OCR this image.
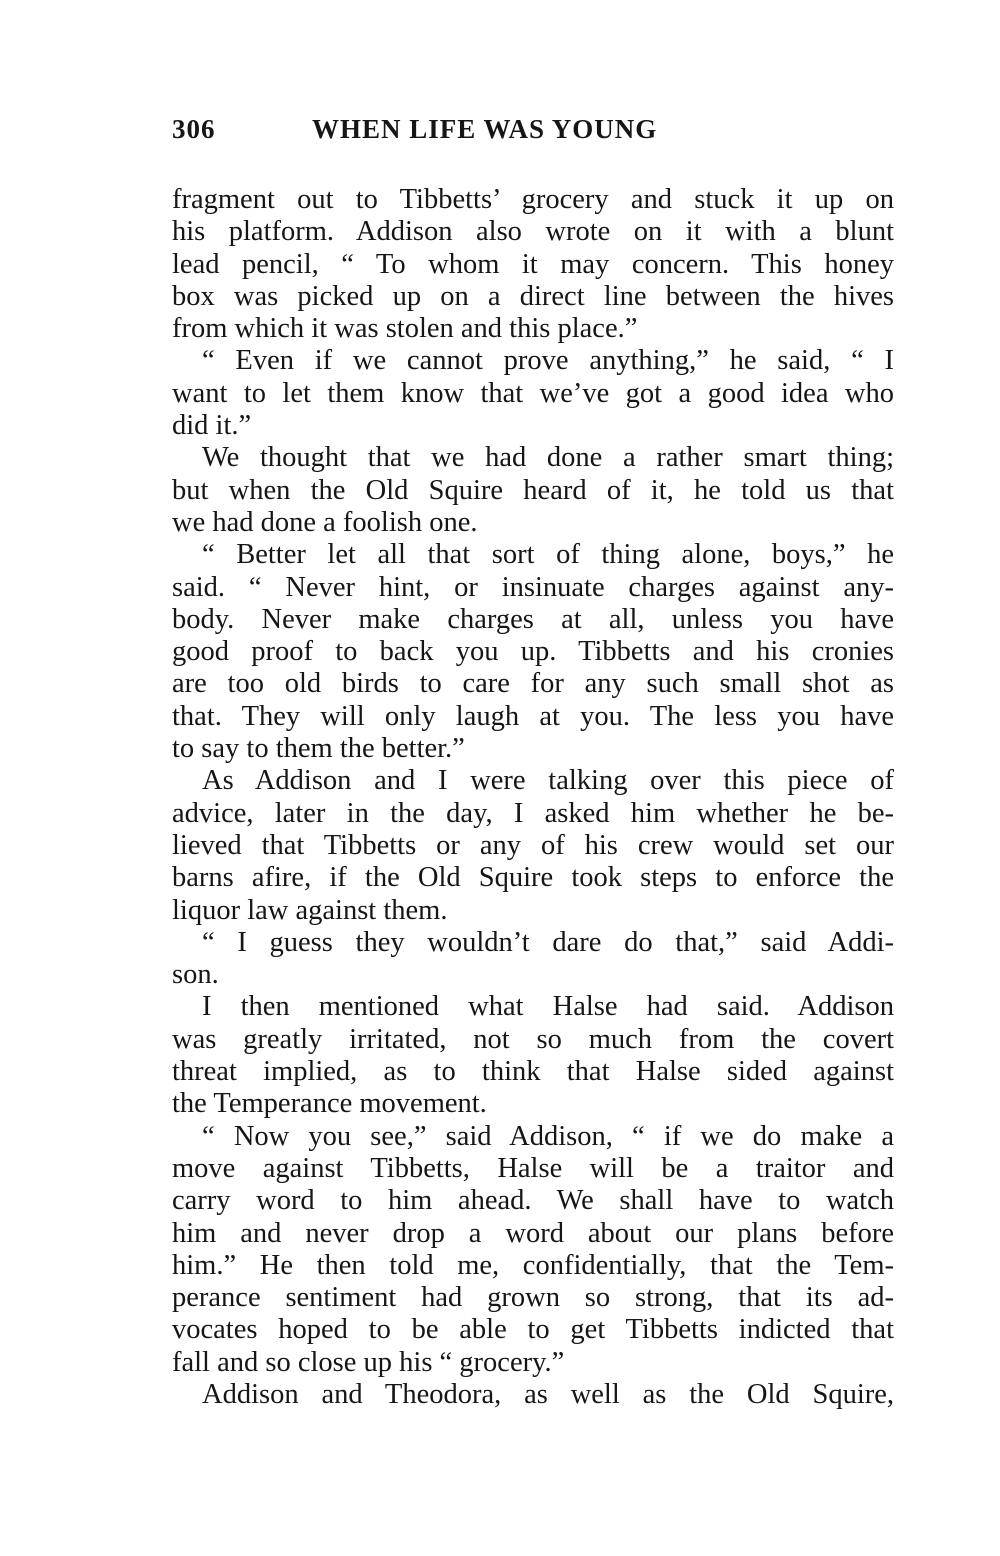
306	WHEN LIFE WAS YOUNG
fragment out to Tibbetts’ grocery and stuck it up on
his platform. Addison also wrote on it with a blunt
lead pencil, “ To whom it may concern. This honey
box was picked up on a direct line between the hives
from which it was stolen and this place.”
“ Even if we cannot prove anything,” he said, “ I
want to let them know that we’ve got a good idea who
did it.”
We thought that we had done a rather smart thing;
but when the Old Squire heard of it, he told us that
we had done a foolish one.
“ Better let all that sort of thing alone, boys,” he
said. “ Never hint, or insinuate charges against any-
body. Never make charges at all, unless you have
good proof to back you up. Tibbetts and his cronies
are too old birds to care for any such small shot as
that. They will only laugh at you. The less you have
to say to them the better.”
As Addison and I were talking over this piece of
advice, later in the day, I asked him whether he be-
lieved that Tibbetts or any of his crew would set our
barns afire, if the Old Squire took steps to enforce the
liquor law against them.
“ I guess they wouldn’t dare do that,” said Addi-
son.
I then mentioned what Halse had said. Addison
was greatly irritated, not so much from the covert
threat implied, as to think that Halse sided against
the Temperance movement.
“ Now you see,” said Addison, “ if we do make a
move against Tibbetts, Halse will be a traitor and
carry word to him ahead. We shall have to watch
him and never drop a word about our plans before
him.” He then told me, confidentially, that the Tem-
perance sentiment had grown so strong, that its ad-
vocates hoped to be able to get Tibbetts indicted that
fall and so close up his “ grocery.”
Addison and Theodora, as well as the Old Squire,
